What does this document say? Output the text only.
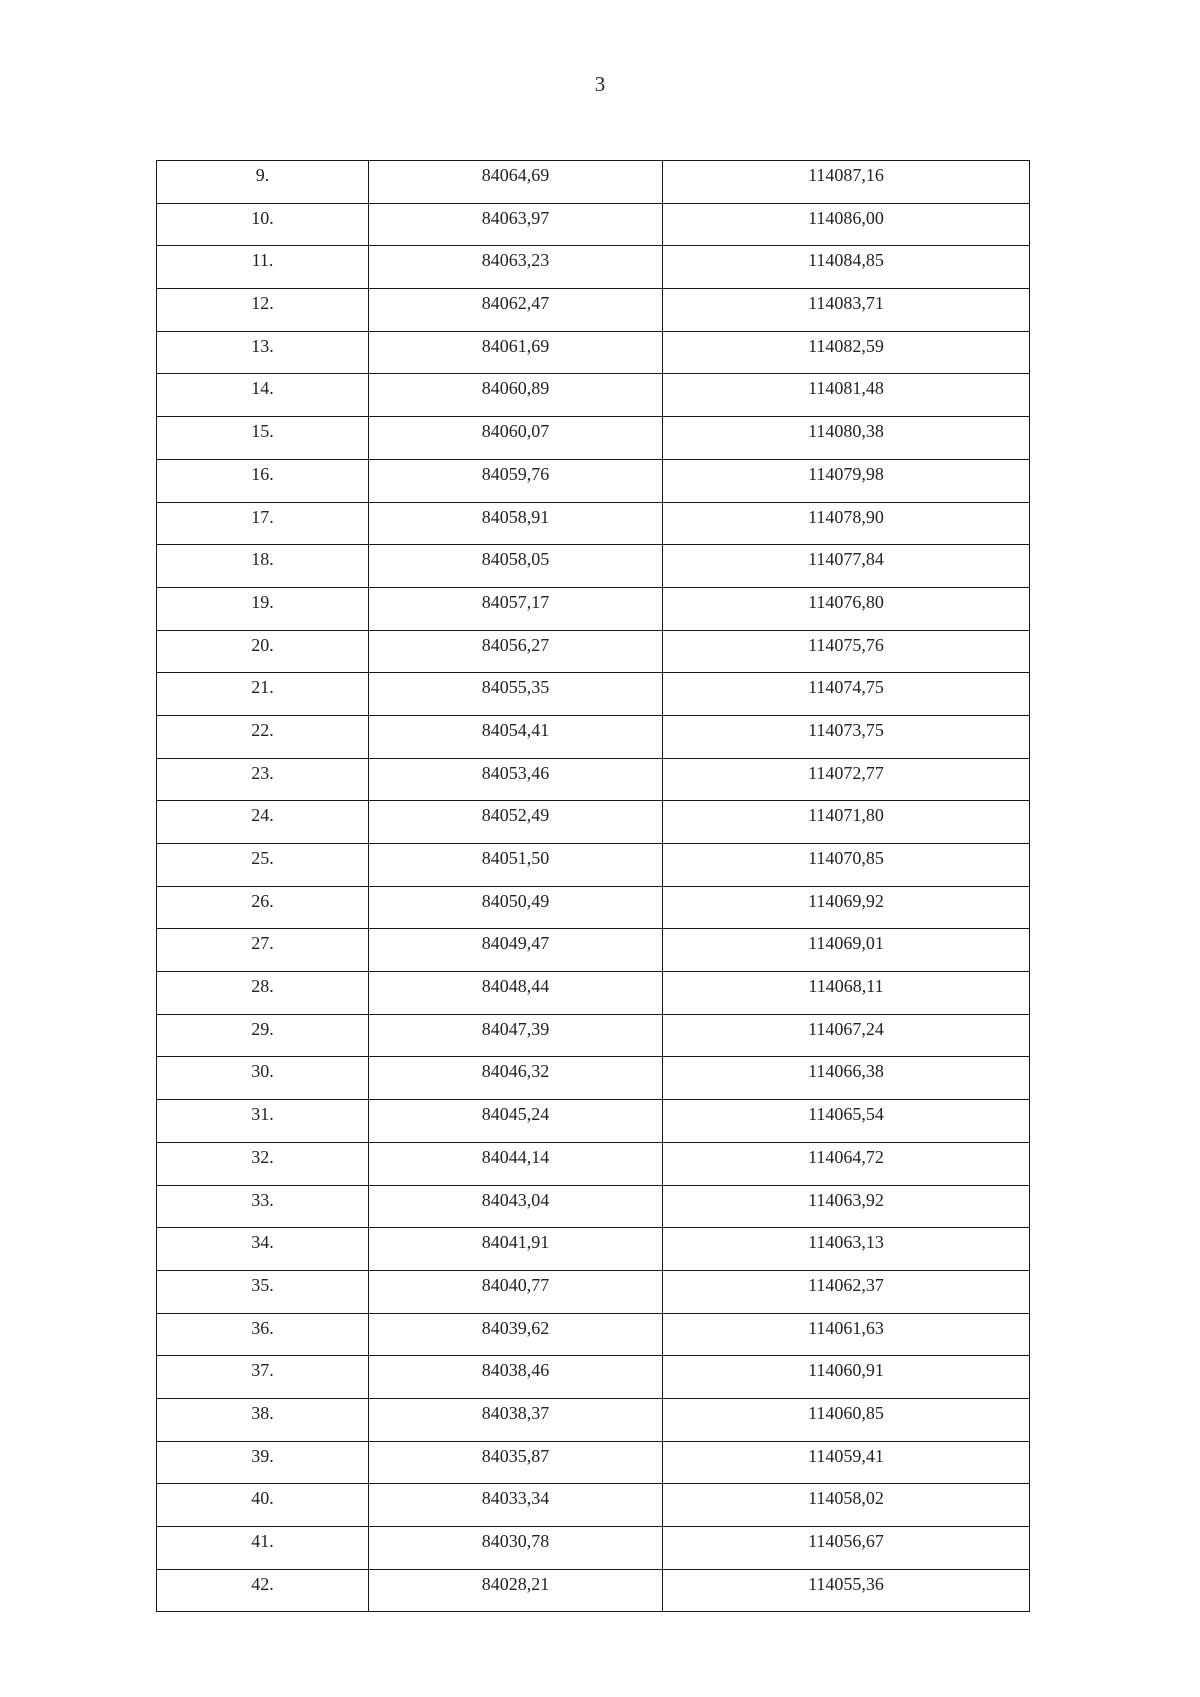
3
9.	84064,69	114087,16
10.	84063,97	114086,00
11.	84063,23	114084,85
12.	84062,47	114083,71
13.	84061,69	114082,59
14.	84060,89	114081,48
15.	84060,07	114080,38
16.	84059,76	114079,98
17.	84058,91	114078,90
18.	84058,05	114077,84
19.	84057,17	114076,80
20.	84056,27	114075,76
21.	84055,35	114074,75
22.	84054,41	114073,75
23.	84053,46	114072,77
24.	84052,49	114071,80
25.	84051,50	114070,85
26.	84050,49	114069,92
27.	84049,47	114069,01
28.	84048,44	114068,11
29.	84047,39	114067,24
30.	84046,32	114066,38
31.	84045,24	114065,54
32.	84044,14	114064,72
33.	84043,04	114063,92
34.	84041,91	114063,13
35.	84040,77	114062,37
36.	84039,62	114061,63
37.	84038,46	114060,91
38.	84038,37	114060,85
39.	84035,87	114059,41
40.	84033,34	114058,02
41.	84030,78	114056,67
42.	84028,21	114055,36
